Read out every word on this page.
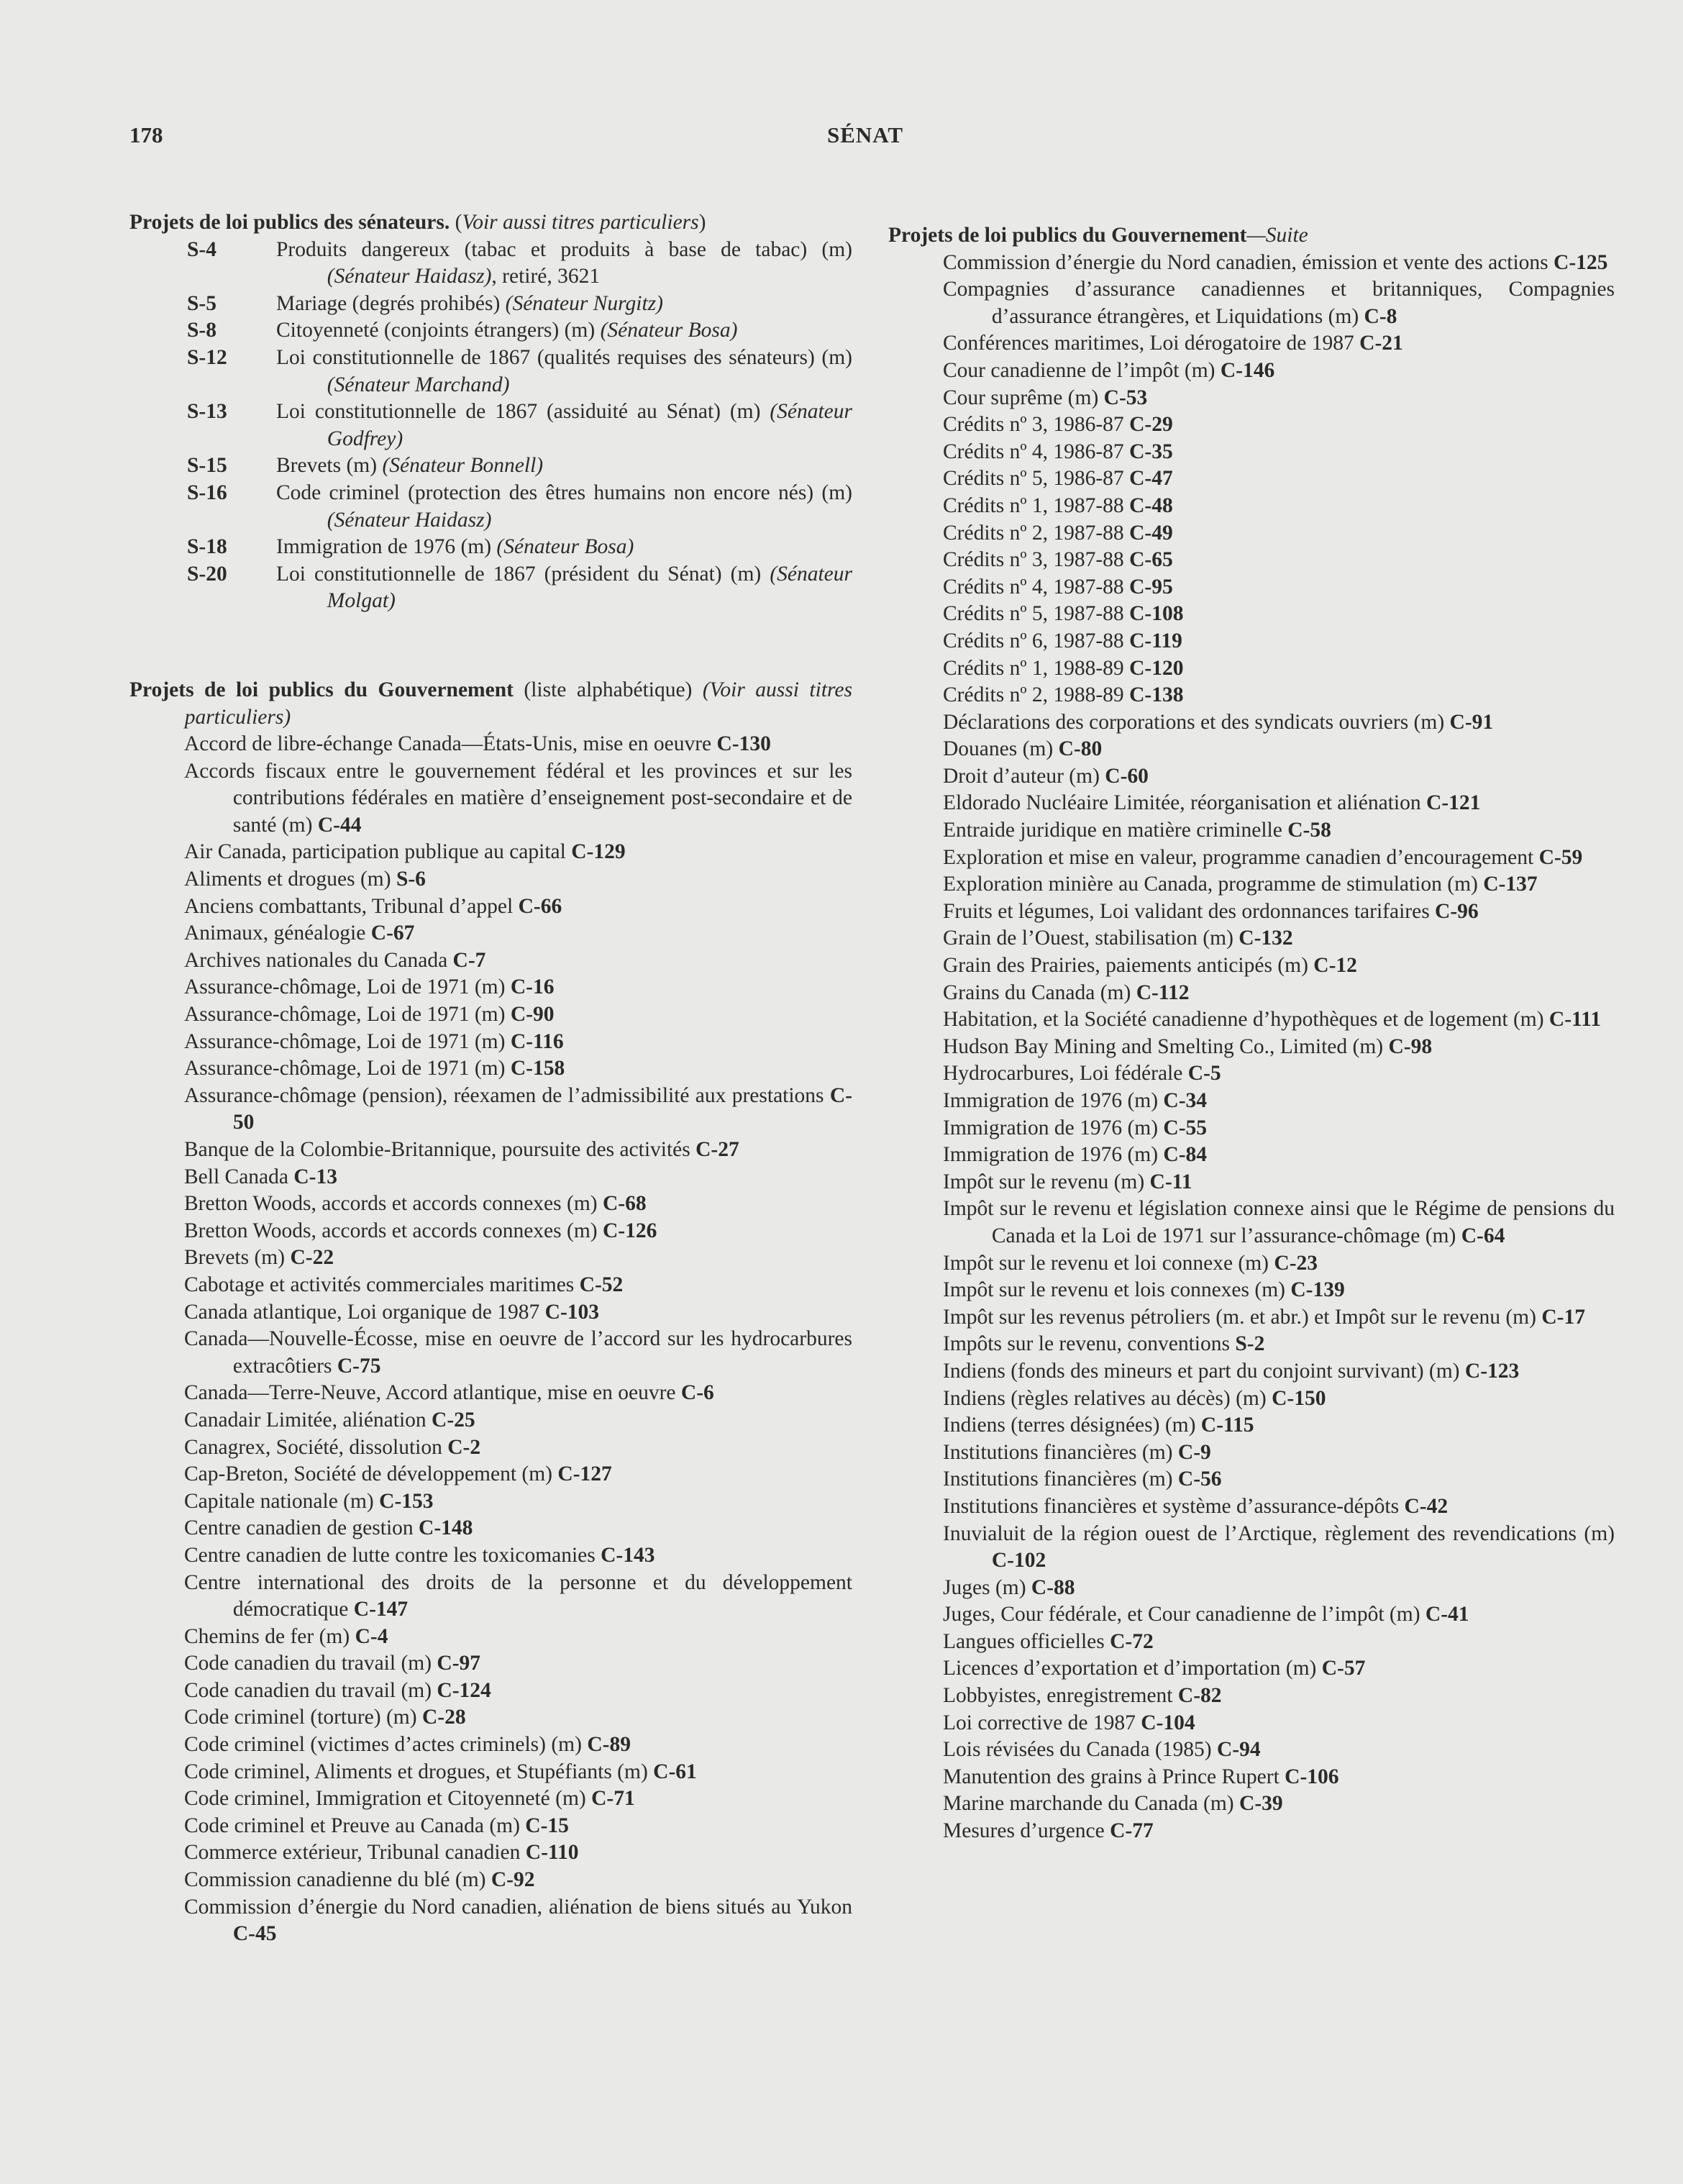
178	SÉNAT
Projets de loi publics des sénateurs. (Voir aussi titres particuliers)
S-4	Produits dangereux (tabac et produits à base de tabac) (m) (Sénateur Haidasz), retiré, 3621
S-5	Mariage (degrés prohibés) (Sénateur Nurgitz)
S-8	Citoyenneté (conjoints étrangers) (m) (Sénateur Bosa)
S-12	Loi constitutionnelle de 1867 (qualités requises des sénateurs) (m) (Sénateur Marchand)
S-13	Loi constitutionnelle de 1867 (assiduité au Sénat) (m) (Sénateur Godfrey)
S-15	Brevets (m) (Sénateur Bonnell)
S-16	Code criminel (protection des êtres humains non encore nés) (m) (Sénateur Haidasz)
S-18	Immigration de 1976 (m) (Sénateur Bosa)
S-20	Loi constitutionnelle de 1867 (président du Sénat) (m) (Sénateur Molgat)
Projets de loi publics du Gouvernement (liste alphabétique) (Voir aussi titres particuliers)
Accord de libre-échange Canada—États-Unis, mise en oeuvre C-130
Accords fiscaux entre le gouvernement fédéral et les provinces et sur les contributions fédérales en matière d’enseignement post-secondaire et de santé (m) C-44
Air Canada, participation publique au capital C-129
Aliments et drogues (m) S-6
Anciens combattants, Tribunal d’appel C-66
Animaux, généalogie C-67
Archives nationales du Canada C-7
Assurance-chômage, Loi de 1971 (m) C-16
Assurance-chômage, Loi de 1971 (m) C-90
Assurance-chômage, Loi de 1971 (m) C-116
Assurance-chômage, Loi de 1971 (m) C-158
Assurance-chômage (pension), réexamen de l’admissibilité aux prestations C-50
Banque de la Colombie-Britannique, poursuite des activités C-27
Bell Canada C-13
Bretton Woods, accords et accords connexes (m) C-68
Bretton Woods, accords et accords connexes (m) C-126
Brevets (m) C-22
Cabotage et activités commerciales maritimes C-52
Canada atlantique, Loi organique de 1987 C-103
Canada—Nouvelle-Écosse, mise en oeuvre de l’accord sur les hydrocarbures extracôtiers C-75
Canada—Terre-Neuve, Accord atlantique, mise en oeuvre C-6
Canadair Limitée, aliénation C-25
Canagrex, Société, dissolution C-2
Cap-Breton, Société de développement (m) C-127
Capitale nationale (m) C-153
Centre canadien de gestion C-148
Centre canadien de lutte contre les toxicomanies C-143
Centre international des droits de la personne et du développement démocratique C-147
Chemins de fer (m) C-4
Code canadien du travail (m) C-97
Code canadien du travail (m) C-124
Code criminel (torture) (m) C-28
Code criminel (victimes d’actes criminels) (m) C-89
Code criminel, Aliments et drogues, et Stupéfiants (m) C-61
Code criminel, Immigration et Citoyenneté (m) C-71
Code criminel et Preuve au Canada (m) C-15
Commerce extérieur, Tribunal canadien C-110
Commission canadienne du blé (m) C-92
Commission d’énergie du Nord canadien, aliénation de biens situés au Yukon C-45
Projets de loi publics du Gouvernement—Suite
Commission d’énergie du Nord canadien, émission et vente des actions C-125
Compagnies d’assurance canadiennes et britanniques, Compagnies d’assurance étrangères, et Liquidations (m) C-8
Conférences maritimes, Loi dérogatoire de 1987 C-21
Cour canadienne de l’impôt (m) C-146
Cour suprême (m) C-53
Crédits nº 3, 1986-87 C-29
Crédits nº 4, 1986-87 C-35
Crédits nº 5, 1986-87 C-47
Crédits nº 1, 1987-88 C-48
Crédits nº 2, 1987-88 C-49
Crédits nº 3, 1987-88 C-65
Crédits nº 4, 1987-88 C-95
Crédits nº 5, 1987-88 C-108
Crédits nº 6, 1987-88 C-119
Crédits nº 1, 1988-89 C-120
Crédits nº 2, 1988-89 C-138
Déclarations des corporations et des syndicats ouvriers (m) C-91
Douanes (m) C-80
Droit d’auteur (m) C-60
Eldorado Nucléaire Limitée, réorganisation et aliénation C-121
Entraide juridique en matière criminelle C-58
Exploration et mise en valeur, programme canadien d’encouragement C-59
Exploration minière au Canada, programme de stimulation (m) C-137
Fruits et légumes, Loi validant des ordonnances tarifaires C-96
Grain de l’Ouest, stabilisation (m) C-132
Grain des Prairies, paiements anticipés (m) C-12
Grains du Canada (m) C-112
Habitation, et la Société canadienne d’hypothèques et de logement (m) C-111
Hudson Bay Mining and Smelting Co., Limited (m) C-98
Hydrocarbures, Loi fédérale C-5
Immigration de 1976 (m) C-34
Immigration de 1976 (m) C-55
Immigration de 1976 (m) C-84
Impôt sur le revenu (m) C-11
Impôt sur le revenu et législation connexe ainsi que le Régime de pensions du Canada et la Loi de 1971 sur l’assurance-chômage (m) C-64
Impôt sur le revenu et loi connexe (m) C-23
Impôt sur le revenu et lois connexes (m) C-139
Impôt sur les revenus pétroliers (m. et abr.) et Impôt sur le revenu (m) C-17
Impôts sur le revenu, conventions S-2
Indiens (fonds des mineurs et part du conjoint survivant) (m) C-123
Indiens (règles relatives au décès) (m) C-150
Indiens (terres désignées) (m) C-115
Institutions financières (m) C-9
Institutions financières (m) C-56
Institutions financières et système d’assurance-dépôts C-42
Inuvialuit de la région ouest de l’Arctique, règlement des revendications (m) C-102
Juges (m) C-88
Juges, Cour fédérale, et Cour canadienne de l’impôt (m) C-41
Langues officielles C-72
Licences d’exportation et d’importation (m) C-57
Lobbyistes, enregistrement C-82
Loi corrective de 1987 C-104
Lois révisées du Canada (1985) C-94
Manutention des grains à Prince Rupert C-106
Marine marchande du Canada (m) C-39
Mesures d’urgence C-77
